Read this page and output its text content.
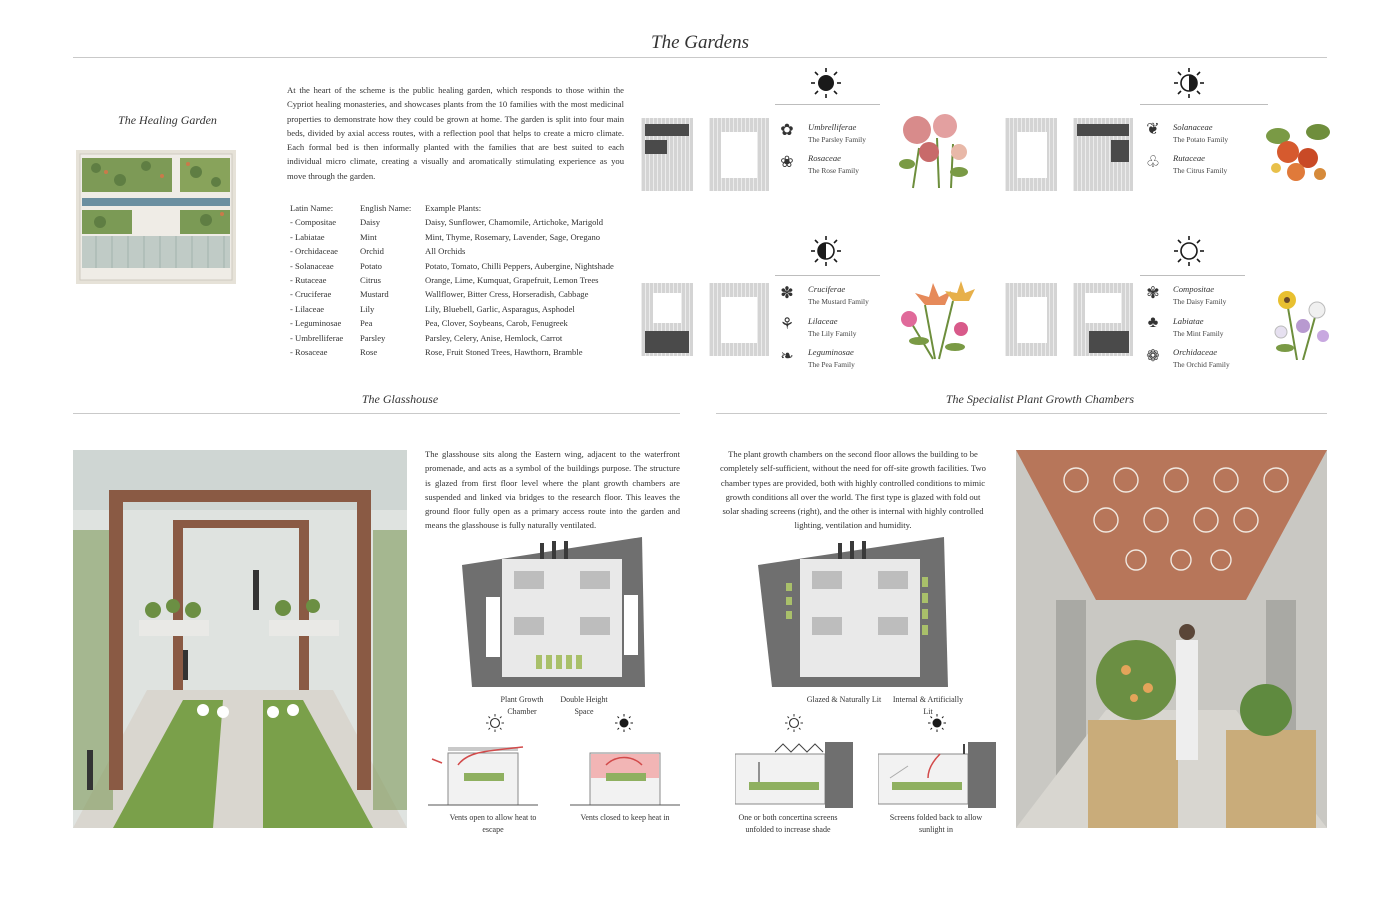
The Gardens
The Healing Garden
At the heart of the scheme is the public healing garden, which responds to those within the Cypriot healing monasteries, and showcases plants from the 10 families with the most medicinal properties to demonstrate how they could be grown at home. The garden is split into four main beds, divided by axial access routes, with a reflection pool that helps to create a micro climate. Each formal bed is then informally planted with the families that are best suited to each individual micro climate, creating a visually and aromatically stimulating experience as you move through the garden.
Latin Name:	English Name:	Example Plants:
- Compositae	Daisy	Daisy, Sunflower, Chamomile, Artichoke, Marigold
- Labiatae	Mint	Mint, Thyme, Rosemary, Lavender, Sage, Oregano
- Orchidaceae	Orchid	All Orchids
- Solanaceae	Potato	Potato, Tomato, Chilli Peppers, Aubergine, Nightshade
- Rutaceae	Citrus	Orange, Lime, Kumquat, Grapefruit, Lemon Trees
- Cruciferae	Mustard	Wallflower, Bitter Cress, Horseradish, Cabbage
- Lilaceae	Lily	Lily, Bluebell, Garlic, Asparagus, Asphodel
- Leguminosae	Pea	Pea, Clover, Soybeans, Carob, Fenugreek
- Umbrelliferae	Parsley	Parsley, Celery, Anise, Hemlock, Carrot
- Rosaceae	Rose	Rose, Fruit Stoned Trees, Hawthorn, Bramble
✿	Umbrelliferae
The Parsley Family
❀	Rosaceae
The Rose Family
❦	Solanaceae
The Potato Family
♧	Rutaceae
The Citrus Family
✽	Cruciferae
The Mustard Family
⚘	Lilaceae
The Lily Family
❧	Leguminosae
The Pea Family
✾	Compositae
The Daisy Family
♣	Labiatae
The Mint Family
❁	Orchidaceae
The Orchid Family
The Glasshouse	The Specialist Plant Growth Chambers
The glasshouse sits along the Eastern wing, adjacent to the waterfront promenade, and acts as a symbol of the buildings purpose. The structure is glazed from first floor level where the plant growth chambers are suspended and linked via bridges to the research floor. This leaves the ground floor fully open as a primary access route into the garden and means the glasshouse is fully naturally ventilated.
Plant Growth Chamber
Double Height Space
Vents open to allow heat to escape
Vents closed to keep heat in
The plant growth chambers on the second floor allows the building to be completely self-sufficient, without the need for off-site growth facilities. Two chamber types are provided, both with highly controlled conditions to mimic growth conditions all over the world. The first type is glazed with fold out solar shading screens (right), and the other is internal with highly controlled lighting, ventilation and humidity.
Glazed & Naturally Lit	Internal & Artificially Lit
One or both concertina screens unfolded to increase shade
Screens folded back to allow sunlight in
